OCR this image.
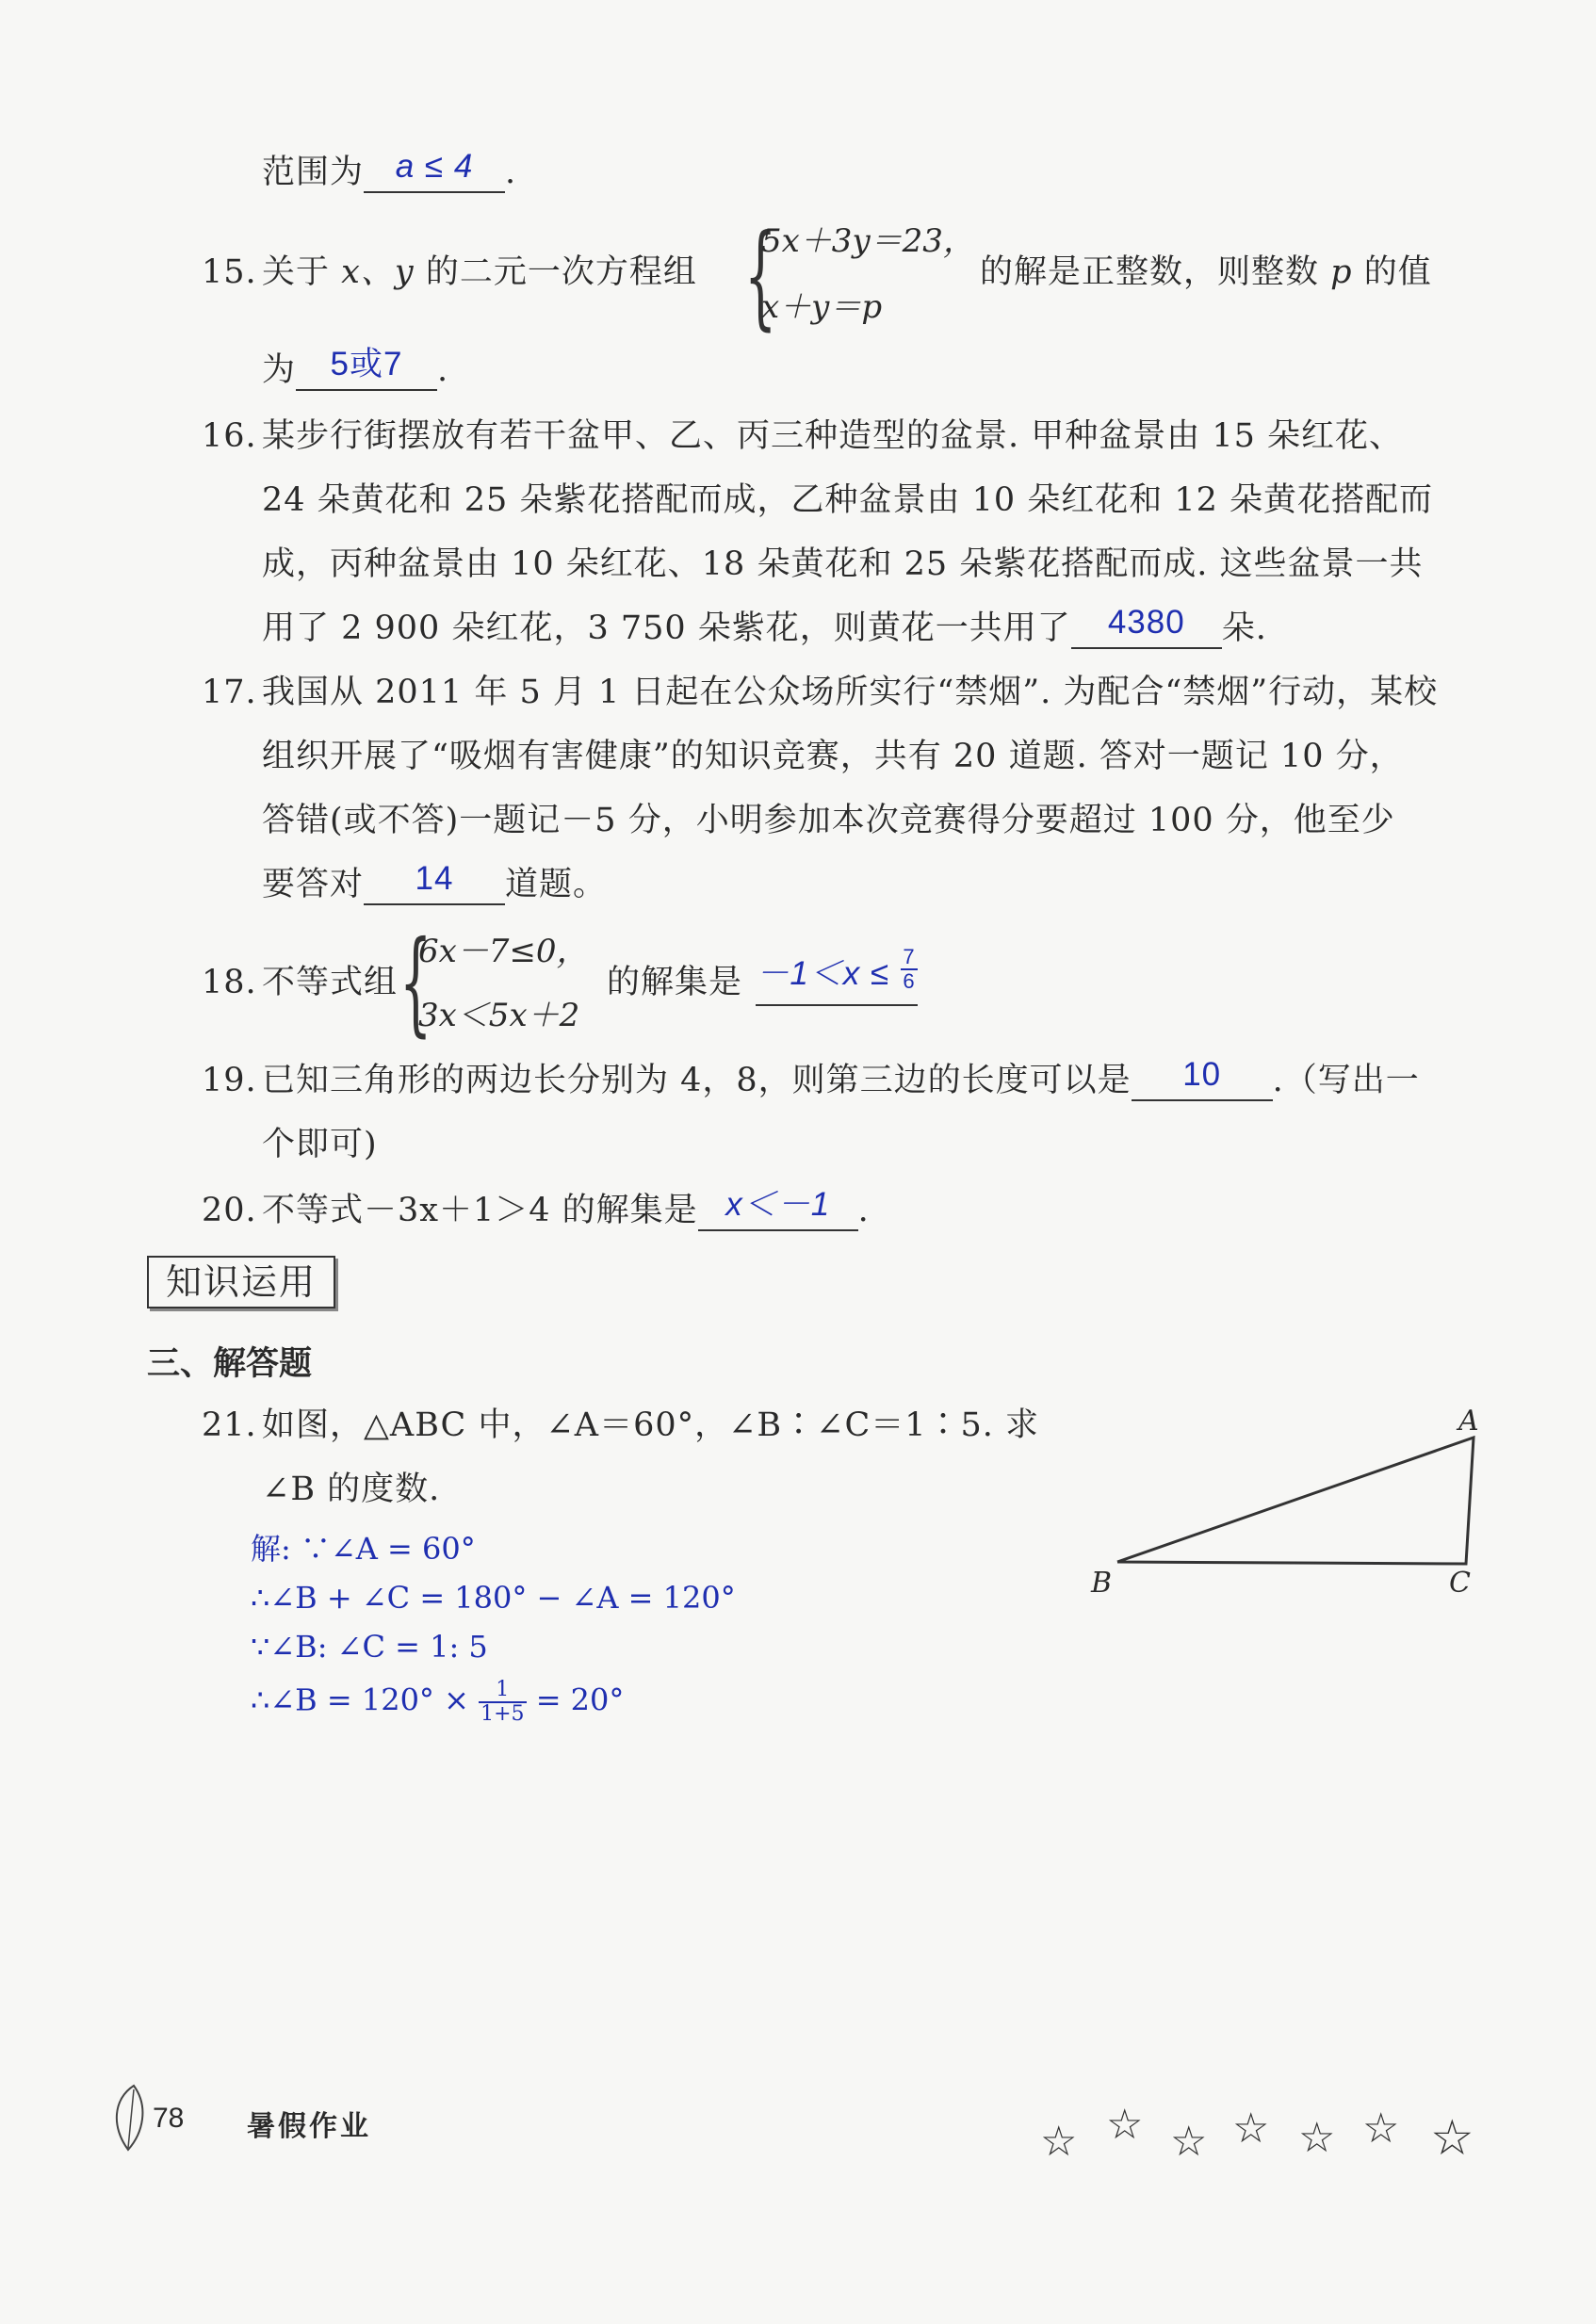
范围为 a ≤ 4 .
15. 关于 x、y 的二元一次方程组 {
5x＋3y＝23，
x＋y＝p
的解是正整数，则整数 p 的值
为 5或7 .
16. 某步行街摆放有若干盆甲、乙、丙三种造型的盆景. 甲种盆景由 15 朵红花、
24 朵黄花和 25 朵紫花搭配而成，乙种盆景由 10 朵红花和 12 朵黄花搭配而
成，丙种盆景由 10 朵红花、18 朵黄花和 25 朵紫花搭配而成. 这些盆景一共
用了 2 900 朵红花，3 750 朵紫花，则黄花一共用了 4380 朵.
17. 我国从 2011 年 5 月 1 日起在公众场所实行“禁烟”. 为配合“禁烟”行动，某校
组织开展了“吸烟有害健康”的知识竞赛，共有 20 道题. 答对一题记 10 分，
答错(或不答)一题记－5 分，小明参加本次竞赛得分要超过 100 分，他至少
要答对 14 道题。
18. 不等式组 {
6x－7≤0，
3x＜5x＋2
的解集是 $-1<x \le \frac{7}{6}$
19. 已知三角形的两边长分别为 4，8，则第三边的长度可以是 10 .（写出一
个即可)
20. 不等式－3x＋1＞4 的解集是 x＜－1 .
知识运用
三、解答题
21. 如图，△ABC 中，∠A＝60°，∠B∶∠C＝1∶5. 求
∠B 的度数.
解: ∵∠A = 60°
∴∠B + ∠C = 180° − ∠A = 120°
∵∠B: ∠C = 1: 5
∴∠B = $120^\circ \times \frac{1}{1+5} = 20^\circ$
A
B	C
78 暑假作业	☆ ☆ ☆ ☆ ☆ ☆ ☆
